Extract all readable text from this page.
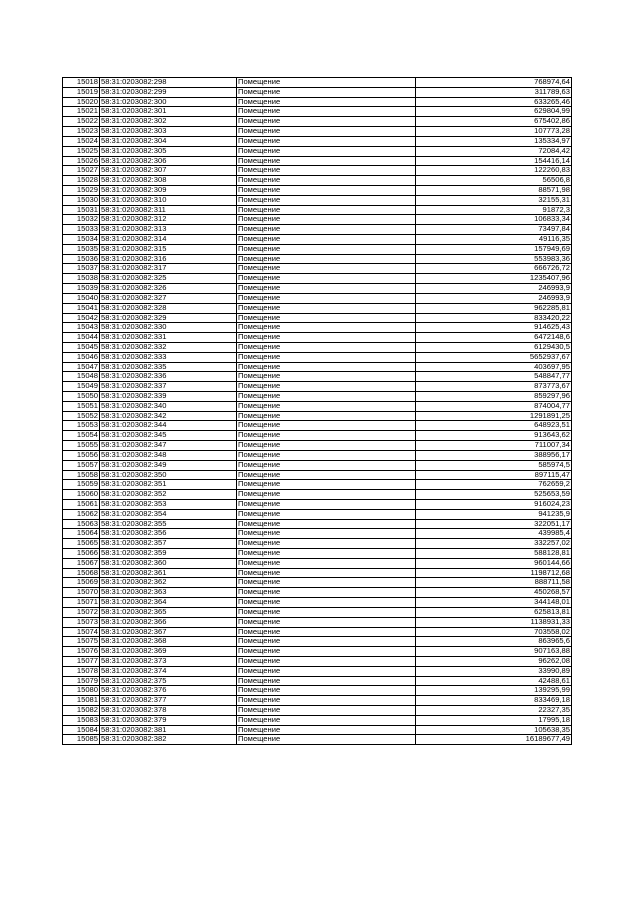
15018	58:31:0203082:298	Помещение	768974,64
15019	58:31:0203082:299	Помещение	311789,63
15020	58:31:0203082:300	Помещение	633265,46
15021	58:31:0203082:301	Помещение	629804,99
15022	58:31:0203082:302	Помещение	675402,86
15023	58:31:0203082:303	Помещение	107773,28
15024	58:31:0203082:304	Помещение	135334,97
15025	58:31:0203082:305	Помещение	72084,42
15026	58:31:0203082:306	Помещение	154416,14
15027	58:31:0203082:307	Помещение	122260,83
15028	58:31:0203082:308	Помещение	56506,8
15029	58:31:0203082:309	Помещение	88571,98
15030	58:31:0203082:310	Помещение	32155,31
15031	58:31:0203082:311	Помещение	91872,3
15032	58:31:0203082:312	Помещение	106833,34
15033	58:31:0203082:313	Помещение	73497,84
15034	58:31:0203082:314	Помещение	49116,35
15035	58:31:0203082:315	Помещение	157949,69
15036	58:31:0203082:316	Помещение	553983,36
15037	58:31:0203082:317	Помещение	666726,72
15038	58:31:0203082:325	Помещение	1235407,96
15039	58:31:0203082:326	Помещение	246993,9
15040	58:31:0203082:327	Помещение	246993,9
15041	58:31:0203082:328	Помещение	962285,81
15042	58:31:0203082:329	Помещение	833420,22
15043	58:31:0203082:330	Помещение	914625,43
15044	58:31:0203082:331	Помещение	6472148,6
15045	58:31:0203082:332	Помещение	6129430,5
15046	58:31:0203082:333	Помещение	5652937,67
15047	58:31:0203082:335	Помещение	403697,95
15048	58:31:0203082:336	Помещение	548847,77
15049	58:31:0203082:337	Помещение	873773,67
15050	58:31:0203082:339	Помещение	859297,96
15051	58:31:0203082:340	Помещение	874004,77
15052	58:31:0203082:342	Помещение	1291891,25
15053	58:31:0203082:344	Помещение	648923,51
15054	58:31:0203082:345	Помещение	913643,62
15055	58:31:0203082:347	Помещение	711007,34
15056	58:31:0203082:348	Помещение	388956,17
15057	58:31:0203082:349	Помещение	585974,5
15058	58:31:0203082:350	Помещение	897115,47
15059	58:31:0203082:351	Помещение	762659,2
15060	58:31:0203082:352	Помещение	525653,59
15061	58:31:0203082:353	Помещение	916024,23
15062	58:31:0203082:354	Помещение	941235,9
15063	58:31:0203082:355	Помещение	322051,17
15064	58:31:0203082:356	Помещение	439985,4
15065	58:31:0203082:357	Помещение	332257,02
15066	58:31:0203082:359	Помещение	588128,81
15067	58:31:0203082:360	Помещение	960144,66
15068	58:31:0203082:361	Помещение	1198712,68
15069	58:31:0203082:362	Помещение	888711,58
15070	58:31:0203082:363	Помещение	450268,57
15071	58:31:0203082:364	Помещение	344148,01
15072	58:31:0203082:365	Помещение	625813,81
15073	58:31:0203082:366	Помещение	1138931,33
15074	58:31:0203082:367	Помещение	703558,02
15075	58:31:0203082:368	Помещение	863965,6
15076	58:31:0203082:369	Помещение	907163,88
15077	58:31:0203082:373	Помещение	96262,08
15078	58:31:0203082:374	Помещение	33990,89
15079	58:31:0203082:375	Помещение	42488,61
15080	58:31:0203082:376	Помещение	139295,99
15081	58:31:0203082:377	Помещение	833469,18
15082	58:31:0203082:378	Помещение	22327,35
15083	58:31:0203082:379	Помещение	17995,18
15084	58:31:0203082:381	Помещение	105638,35
15085	58:31:0203082:382	Помещение	16189677,49
